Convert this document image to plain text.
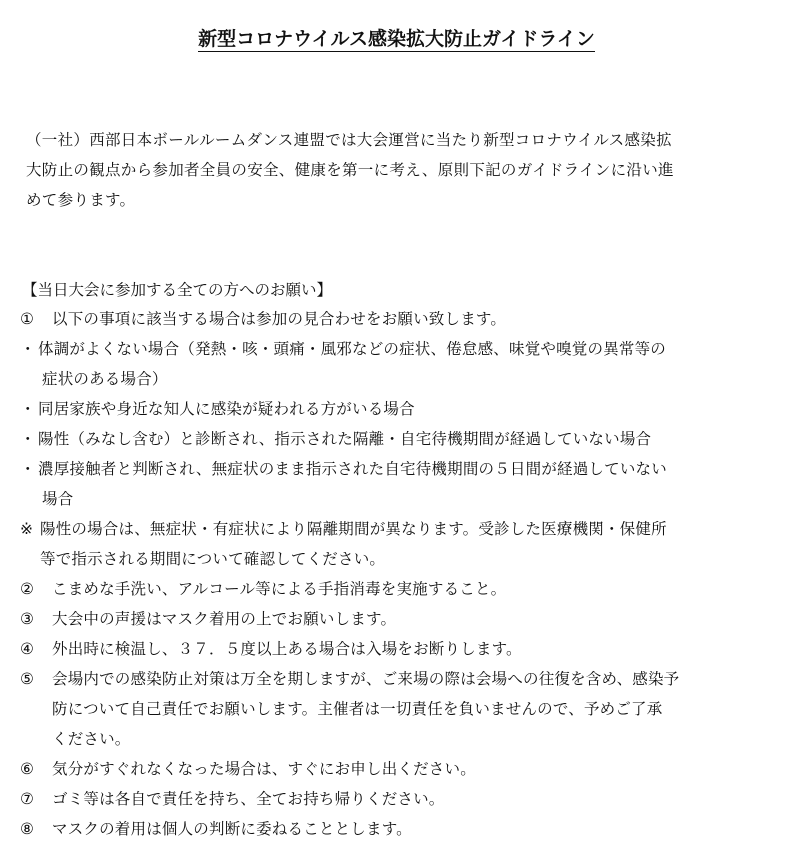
新型コロナウイルス感染拡大防止ガイドライン
（一社）西部日本ボールルームダンス連盟では大会運営に当たり新型コロナウイルス感染拡
大防止の観点から参加者全員の安全、健康を第一に考え、原則下記のガイドラインに沿い進
めて参ります。
【当日大会に参加する全ての方へのお願い】
① 以下の事項に該当する場合は参加の見合わせをお願い致します。
・ 体調がよくない場合（発熱・咳・頭痛・風邪などの症状、倦怠感、味覚や嗅覚の異常等の
症状のある場合）
・ 同居家族や身近な知人に感染が疑われる方がいる場合
・ 陽性（みなし含む）と診断され、指示された隔離・自宅待機期間が経過していない場合
・ 濃厚接触者と判断され、無症状のまま指示された自宅待機期間の５日間が経過していない
場合
※ 陽性の場合は、無症状・有症状により隔離期間が異なります。受診した医療機関・保健所
等で指示される期間について確認してください。
② こまめな手洗い、アルコール等による手指消毒を実施すること。
③ 大会中の声援はマスク着用の上でお願いします。
④ 外出時に検温し、３７．５度以上ある場合は入場をお断りします。
⑤ 会場内での感染防止対策は万全を期しますが、ご来場の際は会場への往復を含め、感染予
防について自己責任でお願いします。主催者は一切責任を負いませんので、予めご了承
ください。
⑥ 気分がすぐれなくなった場合は、すぐにお申し出ください。
⑦ ゴミ等は各自で責任を持ち、全てお持ち帰りください。
⑧ マスクの着用は個人の判断に委ねることとします。
